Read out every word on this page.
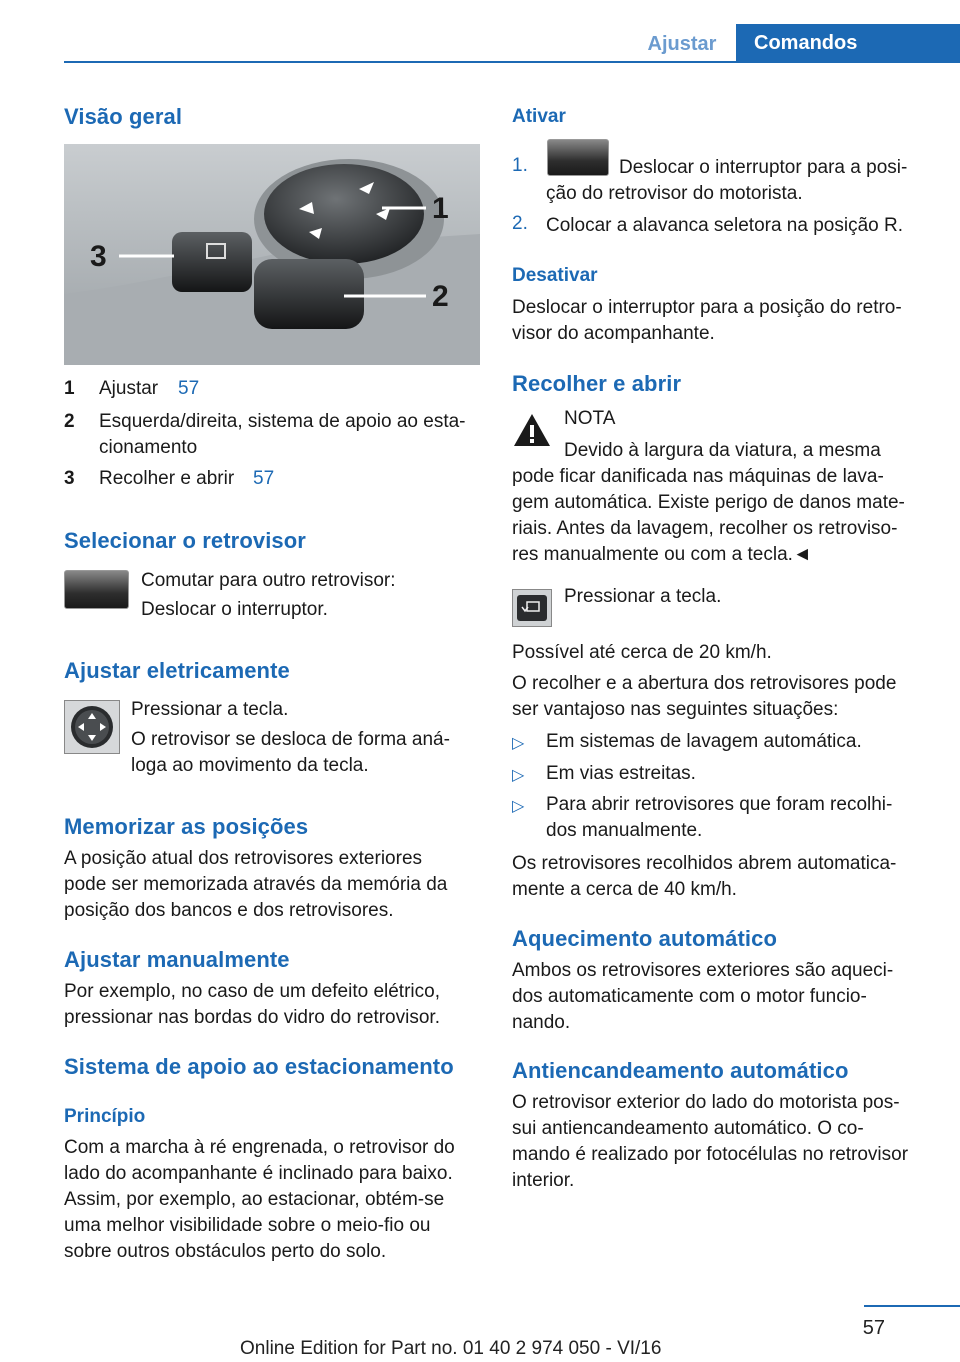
Ajustar	Comandos
Visão geral
1
2
3
1 Ajustar 57
2 Esquerda/direita, sistema de apoio ao esta‐
cionamento
3 Recolher e abrir 57
Selecionar o retrovisor
Comutar para outro retrovisor:
Deslocar o interruptor.
Ajustar eletricamente
Pressionar a tecla.
O retrovisor se desloca de forma aná‐
loga ao movimento da tecla.
Memorizar as posições
A posição atual dos retrovisores exteriores
pode ser memorizada através da memória da
posição dos bancos e dos retrovisores.
Ajustar manualmente
Por exemplo, no caso de um defeito elétrico,
pressionar nas bordas do vidro do retrovisor.
Sistema de apoio ao estacionamento
Princípio
Com a marcha à ré engrenada, o retrovisor do
lado do acompanhante é inclinado para baixo.
Assim, por exemplo, ao estacionar, obtém‐se
uma melhor visibilidade sobre o meio-fio ou
sobre outros obstáculos perto do solo.
Ativar
1.	Deslocar o interruptor para a posi‐
ção do retrovisor do motorista.
2. Colocar a alavanca seletora na posição R.
Desativar
Deslocar o interruptor para a posição do retro‐
visor do acompanhante.
Recolher e abrir
NOTA
Devido à largura da viatura, a mesma
pode ficar danificada nas máquinas de lava‐
gem automática. Existe perigo de danos mate‐
riais. Antes da lavagem, recolher os retroviso‐
res manualmente ou com a tecla.◄
Pressionar a tecla.
Possível até cerca de 20 km/h.
O recolher e a abertura dos retrovisores pode
ser vantajoso nas seguintes situações:
▷ Em sistemas de lavagem automática.
▷ Em vias estreitas.
▷ Para abrir retrovisores que foram recolhi‐
dos manualmente.
Os retrovisores recolhidos abrem automatica‐
mente a cerca de 40 km/h.
Aquecimento automático
Ambos os retrovisores exteriores são aqueci‐
dos automaticamente com o motor funcio‐
nando.
Antiencandeamento automático
O retrovisor exterior do lado do motorista pos‐
sui antiencandeamento automático. O co‐
mando é realizado por fotocélulas no retrovisor
interior.
57
Online Edition for Part no. 01 40 2 974 050 - VI/16
